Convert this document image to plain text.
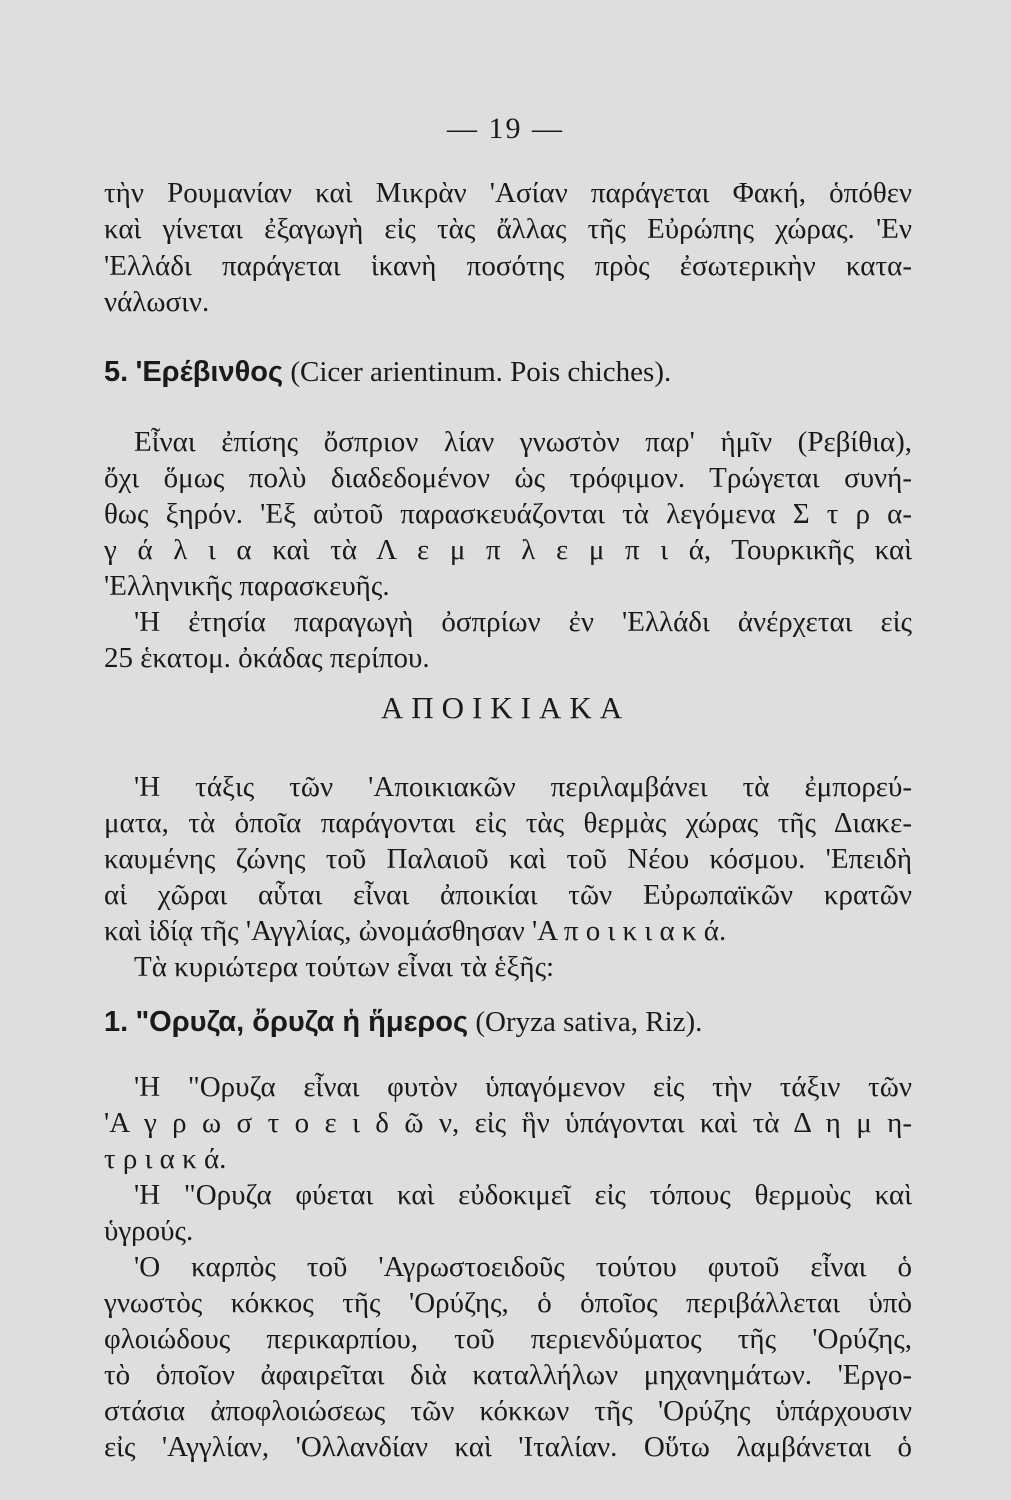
— 19 —
τὴν Ρουμανίαν καὶ Μικρὰν 'Ασίαν παράγεται Φακή, ὁπόθεν
καὶ γίνεται ἐξαγωγὴ εἰς τὰς ἄλλας τῆς Εὐρώπης χώρας. 'Εν
'Ελλάδι παράγεται ἱκανὴ ποσότης πρὸς ἐσωτερικὴν κατα-
νάλωσιν.
5. 'Ερέβινθος (Cicer arientinum. Pois chiches).
Εἶναι ἐπίσης ὄσπριον λίαν γνωστὸν παρ' ἡμῖν (Ρεβίθια),
ὄχι ὅμως πολὺ διαδεδομένον ὡς τρόφιμον. Τρώγεται συνή-
θως ξηρόν. 'Εξ αὐτοῦ παρασκευάζονται τὰ λεγόμενα Σ τ ρ α-
γ ά λ ι α καὶ τὰ Λ ε μ π λ ε μ π ι ά, Τουρκικῆς καὶ
'Ελληνικῆς παρασκευῆς.
'Η ἐτησία παραγωγὴ ὀσπρίων ἐν 'Ελλάδι ἀνέρχεται εἰς
25 ἑκατομ. ὀκάδας περίπου.
ΑΠΟΙΚΙΑΚΑ
'Η τάξις τῶν 'Αποικιακῶν περιλαμβάνει τὰ ἐμπορεύ-
ματα, τὰ ὁποῖα παράγονται εἰς τὰς θερμὰς χώρας τῆς Διακε-
καυμένης ζώνης τοῦ Παλαιοῦ καὶ τοῦ Νέου κόσμου. 'Επειδὴ
αἱ χῶραι αὗται εἶναι ἀποικίαι τῶν Εὐρωπαϊκῶν κρατῶν
καὶ ἰδίᾳ τῆς 'Αγγλίας, ὠνομάσθησαν 'Α π ο ι κ ι α κ ά.
Τὰ κυριώτερα τούτων εἶναι τὰ ἑξῆς:
1. "Ορυζα, ὄρυζα ἡ ἥμερος (Oryza sativa, Riz).
'Η "Ορυζα εἶναι φυτὸν ὑπαγόμενον εἰς τὴν τάξιν τῶν
'Α γ ρ ω σ τ ο ε ι δ ῶ ν, εἰς ἣν ὑπάγονται καὶ τὰ Δ η μ η-
τ ρ ι α κ ά.
'Η "Ορυζα φύεται καὶ εὐδοκιμεῖ εἰς τόπους θερμοὺς καὶ
ὑγρούς.
'Ο καρπὸς τοῦ 'Αγρωστοειδοῦς τούτου φυτοῦ εἶναι ὁ
γνωστὸς κόκκος τῆς 'Ορύζης, ὁ ὁποῖος περιβάλλεται ὑπὸ
φλοιώδους περικαρπίου, τοῦ περιενδύματος τῆς 'Ορύζης,
τὸ ὁποῖον ἀφαιρεῖται διὰ καταλλήλων μηχανημάτων. 'Εργο-
στάσια ἀποφλοιώσεως τῶν κόκκων τῆς 'Ορύζης ὑπάρχουσιν
εἰς 'Αγγλίαν, 'Ολλανδίαν καὶ 'Ιταλίαν. Οὕτω λαμβάνεται ὁ
